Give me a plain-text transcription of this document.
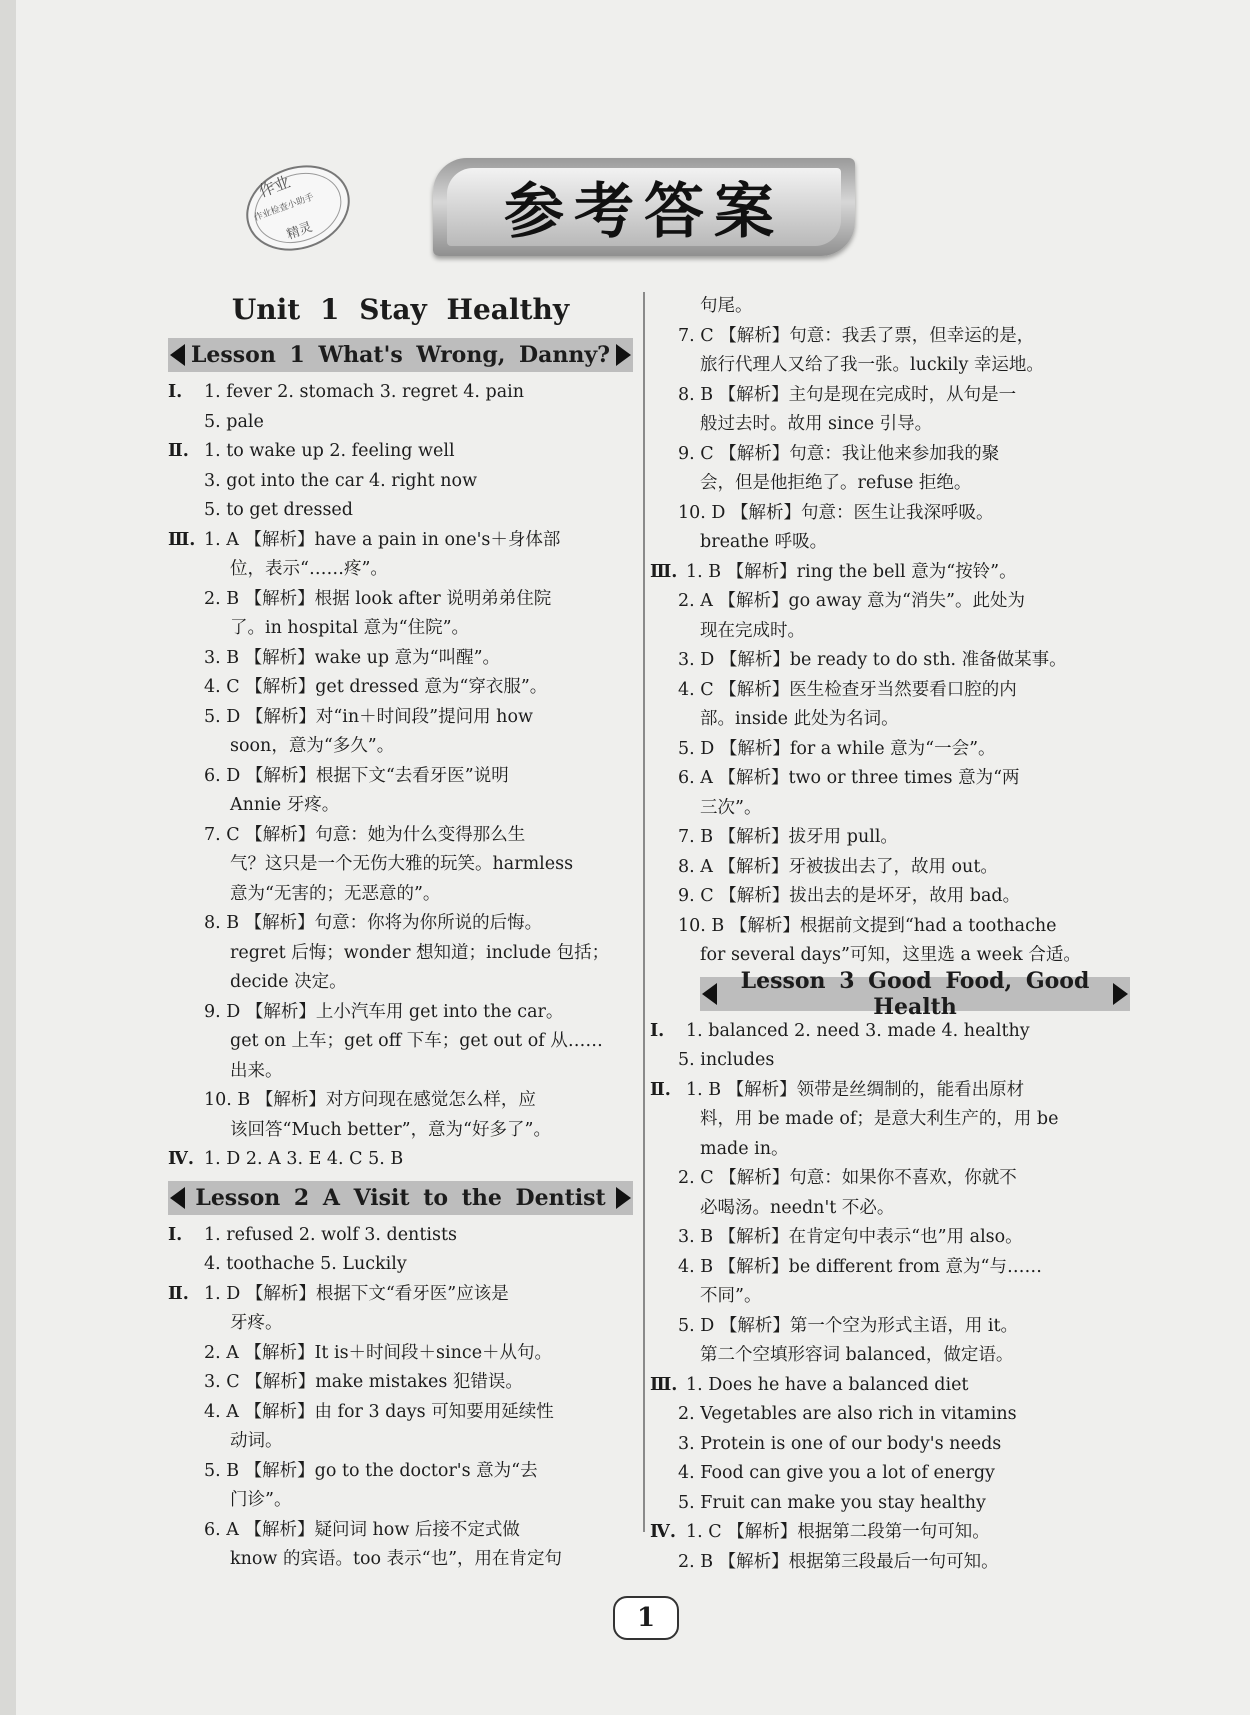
作业
作业检查小助手
精灵	参考答案
Unit 1 Stay Healthy
Lesson 1 What's Wrong, Danny?
Ⅰ. 1. fever 2. stomach 3. regret 4. pain
5. pale
Ⅱ. 1. to wake up 2. feeling well
3. got into the car 4. right now
5. to get dressed
Ⅲ. 1. A 【解析】have a pain in one's＋身体部
位，表示“……疼”。
2. B 【解析】根据 look after 说明弟弟住院
了。in hospital 意为“住院”。
3. B 【解析】wake up 意为“叫醒”。
4. C 【解析】get dressed 意为“穿衣服”。
5. D 【解析】对“in＋时间段”提问用 how
soon，意为“多久”。
6. D 【解析】根据下文“去看牙医”说明
Annie 牙疼。
7. C 【解析】句意：她为什么变得那么生
气？这只是一个无伤大雅的玩笑。harmless
意为“无害的；无恶意的”。
8. B 【解析】句意：你将为你所说的后悔。
regret 后悔；wonder 想知道；include 包括；
decide 决定。
9. D 【解析】上小汽车用 get into the car。
get on 上车；get off 下车；get out of 从……
出来。
10. B 【解析】对方问现在感觉怎么样，应
该回答“Much better”，意为“好多了”。
Ⅳ. 1. D 2. A 3. E 4. C 5. B
Lesson 2 A Visit to the Dentist
Ⅰ. 1. refused 2. wolf 3. dentists
4. toothache 5. Luckily
Ⅱ. 1. D 【解析】根据下文“看牙医”应该是
牙疼。
2. A 【解析】It is＋时间段＋since＋从句。
3. C 【解析】make mistakes 犯错误。
4. A 【解析】由 for 3 days 可知要用延续性
动词。
5. B 【解析】go to the doctor's 意为“去
门诊”。
6. A 【解析】疑问词 how 后接不定式做
know 的宾语。too 表示“也”，用在肯定句
句尾。
7. C 【解析】句意：我丢了票，但幸运的是，
旅行代理人又给了我一张。luckily 幸运地。
8. B 【解析】主句是现在完成时，从句是一
般过去时。故用 since 引导。
9. C 【解析】句意：我让他来参加我的聚
会，但是他拒绝了。refuse 拒绝。
10. D 【解析】句意：医生让我深呼吸。
breathe 呼吸。
Ⅲ. 1. B 【解析】ring the bell 意为“按铃”。
2. A 【解析】go away 意为“消失”。此处为
现在完成时。
3. D 【解析】be ready to do sth. 准备做某事。
4. C 【解析】医生检查牙当然要看口腔的内
部。inside 此处为名词。
5. D 【解析】for a while 意为“一会”。
6. A 【解析】two or three times 意为“两
三次”。
7. B 【解析】拔牙用 pull。
8. A 【解析】牙被拔出去了，故用 out。
9. C 【解析】拔出去的是坏牙，故用 bad。
10. B 【解析】根据前文提到“had a toothache
for several days”可知，这里选 a week 合适。
Lesson 3 Good Food, Good Health
Ⅰ. 1. balanced 2. need 3. made 4. healthy
5. includes
Ⅱ. 1. B 【解析】领带是丝绸制的，能看出原材
料，用 be made of；是意大利生产的，用 be
made in。
2. C 【解析】句意：如果你不喜欢，你就不
必喝汤。needn't 不必。
3. B 【解析】在肯定句中表示“也”用 also。
4. B 【解析】be different from 意为“与……
不同”。
5. D 【解析】第一个空为形式主语，用 it。
第二个空填形容词 balanced，做定语。
Ⅲ. 1. Does he have a balanced diet
2. Vegetables are also rich in vitamins
3. Protein is one of our body's needs
4. Food can give you a lot of energy
5. Fruit can make you stay healthy
Ⅳ. 1. C 【解析】根据第二段第一句可知。
2. B 【解析】根据第三段最后一句可知。
1
